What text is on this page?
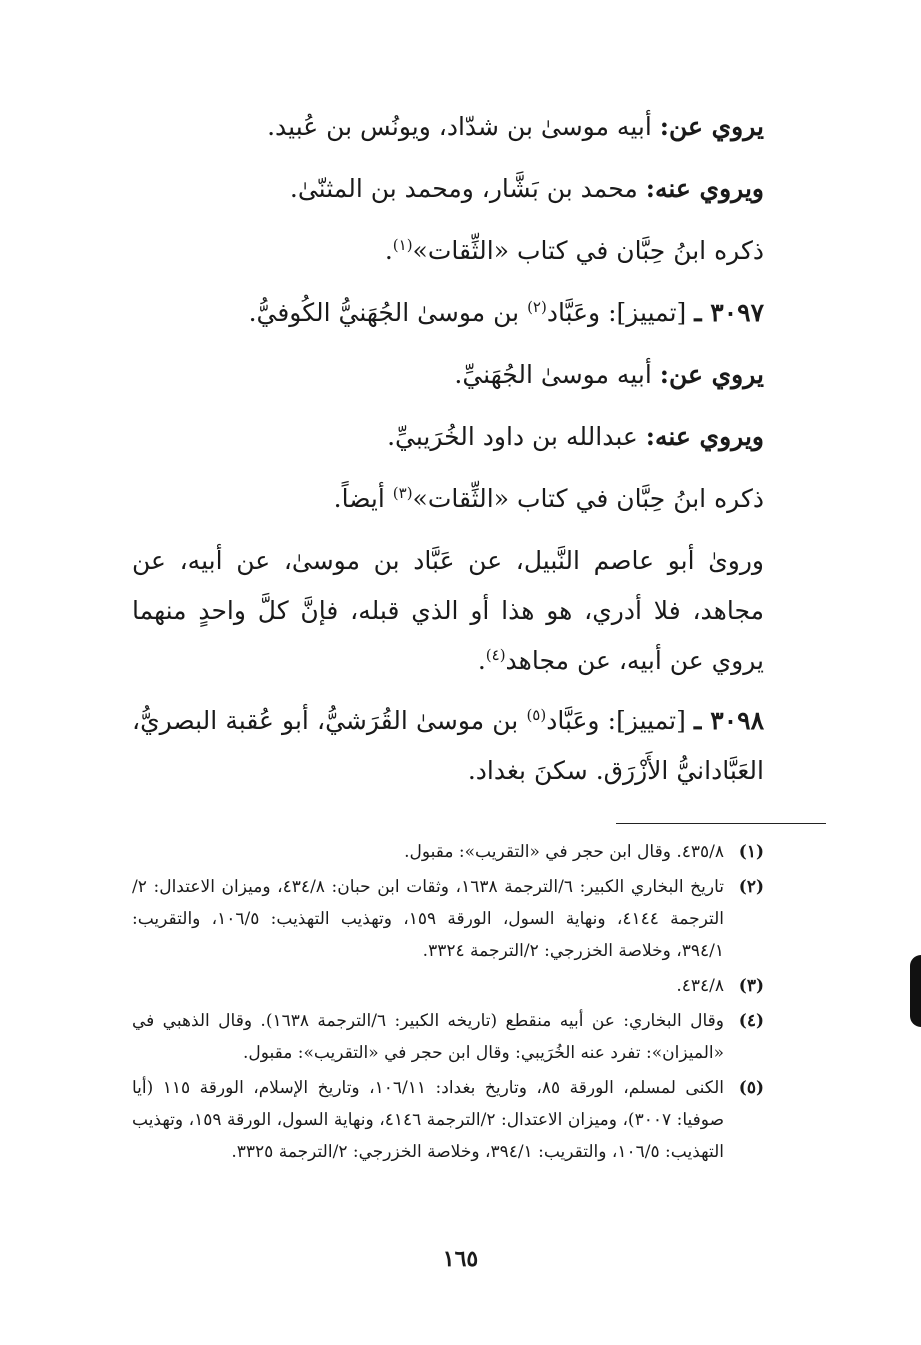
يروي عن: أبيه موسىٰ بن شدّاد، ويونُس بن عُبيد.
ويروي عنه: محمد بن بَشَّار، ومحمد بن المثنّىٰ.
ذكره ابنُ حِبَّان في كتاب «الثِّقات»$^{(١)}$.
٣٠٩٧ ـ [تمييز]: وعَبَّاد$^{(٢)}$ بن موسىٰ الجُهَنيُّ الكُوفيُّ.
يروي عن: أبيه موسىٰ الجُهَنيِّ.
ويروي عنه: عبدالله بن داود الخُرَيبيِّ.
ذكره ابنُ حِبَّان في كتاب «الثِّقات»$^{(٣)}$ أيضاً.
وروىٰ أبو عاصم النَّبيل، عن عَبَّاد بن موسىٰ، عن أبيه، عن مجاهد، فلا أدري، هو هذا أو الذي قبله، فإنَّ كلَّ واحدٍ منهما يروي عن أبيه، عن مجاهد$^{(٤)}$.
٣٠٩٨ ـ [تمييز]: وعَبَّاد$^{(٥)}$ بن موسىٰ القُرَشيُّ، أبو عُقبة البصريُّ، العَبَّادانيُّ الأَزْرَق. سكنَ بغداد.
(١)
٤٣٥/٨. وقال ابن حجر في «التقريب»: مقبول.
(٢)
تاريخ البخاري الكبير: ٦/الترجمة ١٦٣٨، وثقات ابن حبان: ٤٣٤/٨، وميزان الاعتدال: ٢/الترجمة ٤١٤٤، ونهاية السول، الورقة ١٥٩، وتهذيب التهذيب: ١٠٦/٥، والتقريب: ٣٩٤/١، وخلاصة الخزرجي: ٢/الترجمة ٣٣٢٤.
(٣)
٤٣٤/٨.
(٤)
وقال البخاري: عن أبيه منقطع (تاريخه الكبير: ٦/الترجمة ١٦٣٨). وقال الذهبي في «الميزان»: تفرد عنه الخُرَيبي: وقال ابن حجر في «التقريب»: مقبول.
(٥)
الكنى لمسلم، الورقة ٨٥، وتاريخ بغداد: ١٠٦/١١، وتاريخ الإسلام، الورقة ١١٥ (أيا صوفيا: ٣٠٠٧)، وميزان الاعتدال: ٢/الترجمة ٤١٤٦، ونهاية السول، الورقة ١٥٩، وتهذيب التهذيب: ١٠٦/٥، والتقريب: ٣٩٤/١، وخلاصة الخزرجي: ٢/الترجمة ٣٣٢٥.
١٦٥
